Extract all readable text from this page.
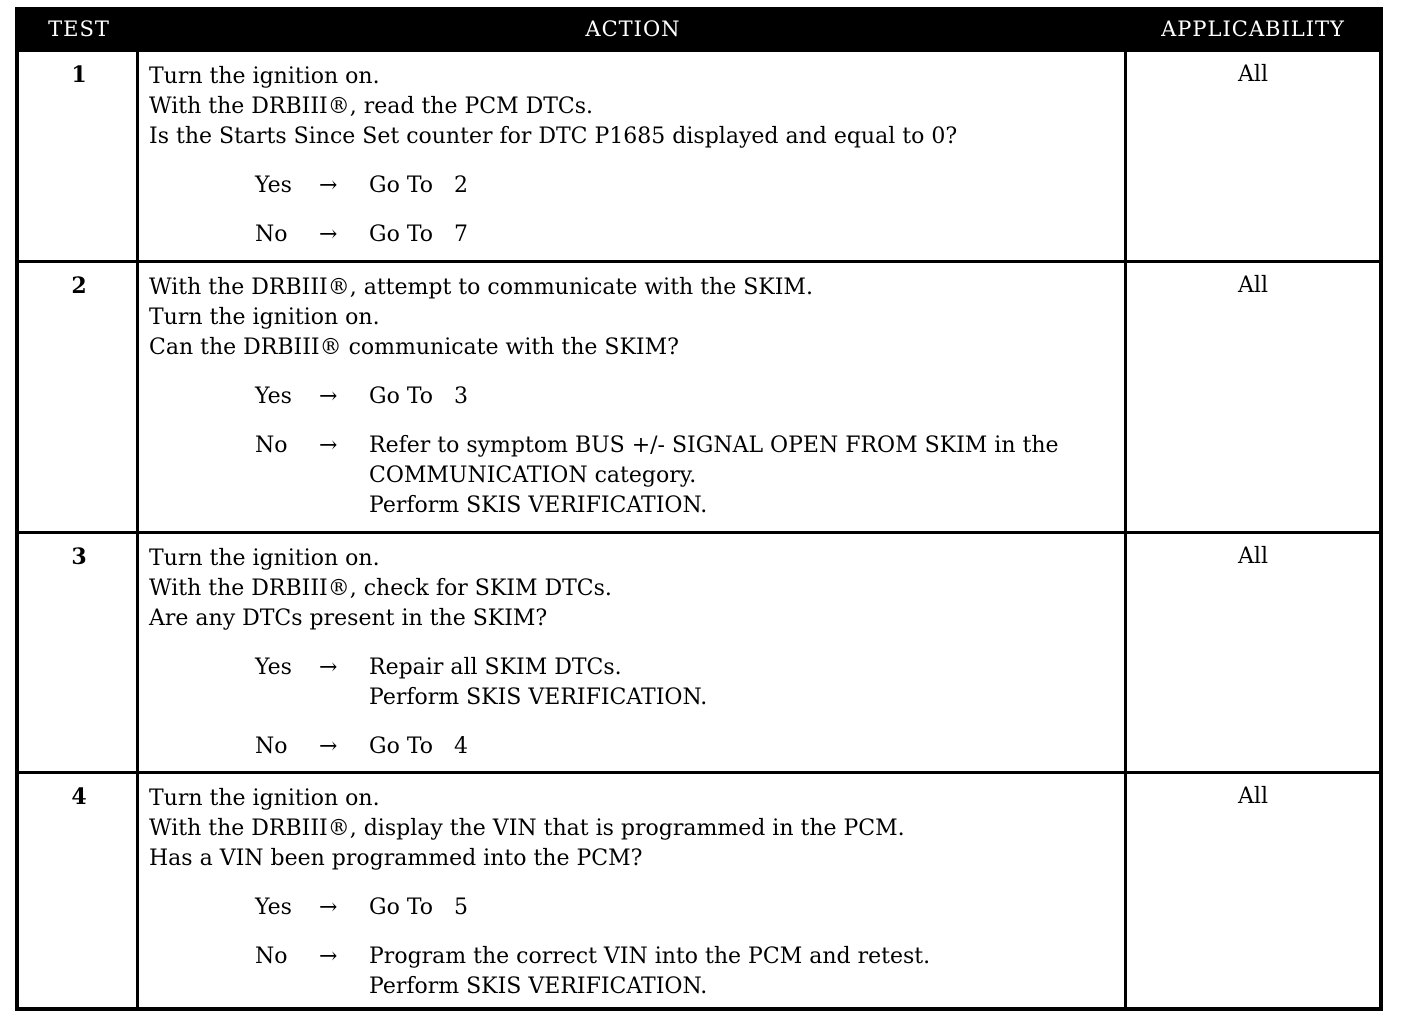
TEST	ACTION	APPLICABILITY
1	Turn the ignition on.

With the DRBIII®, read the PCM DTCs.

Is the Starts Since Set counter for DTC P1685 displayed and equal to 0?

Yes → Go To   2
No → Go To   7
All
2	With the DRBIII®, attempt to communicate with the SKIM.

Turn the ignition on.

Can the DRBIII® communicate with the SKIM?

Yes → Go To   3
No → Refer to symptom BUS +/- SIGNAL OPEN FROM SKIM in the
COMMUNICATION category.
Perform SKIS VERIFICATION.
All
3	Turn the ignition on.

With the DRBIII®, check for SKIM DTCs.

Are any DTCs present in the SKIM?

Yes → Repair all SKIM DTCs.
Perform SKIS VERIFICATION.
No → Go To   4
All
4	Turn the ignition on.

With the DRBIII®, display the VIN that is programmed in the PCM.

Has a VIN been programmed into the PCM?

Yes → Go To   5
No → Program the correct VIN into the PCM and retest.
Perform SKIS VERIFICATION.
All
